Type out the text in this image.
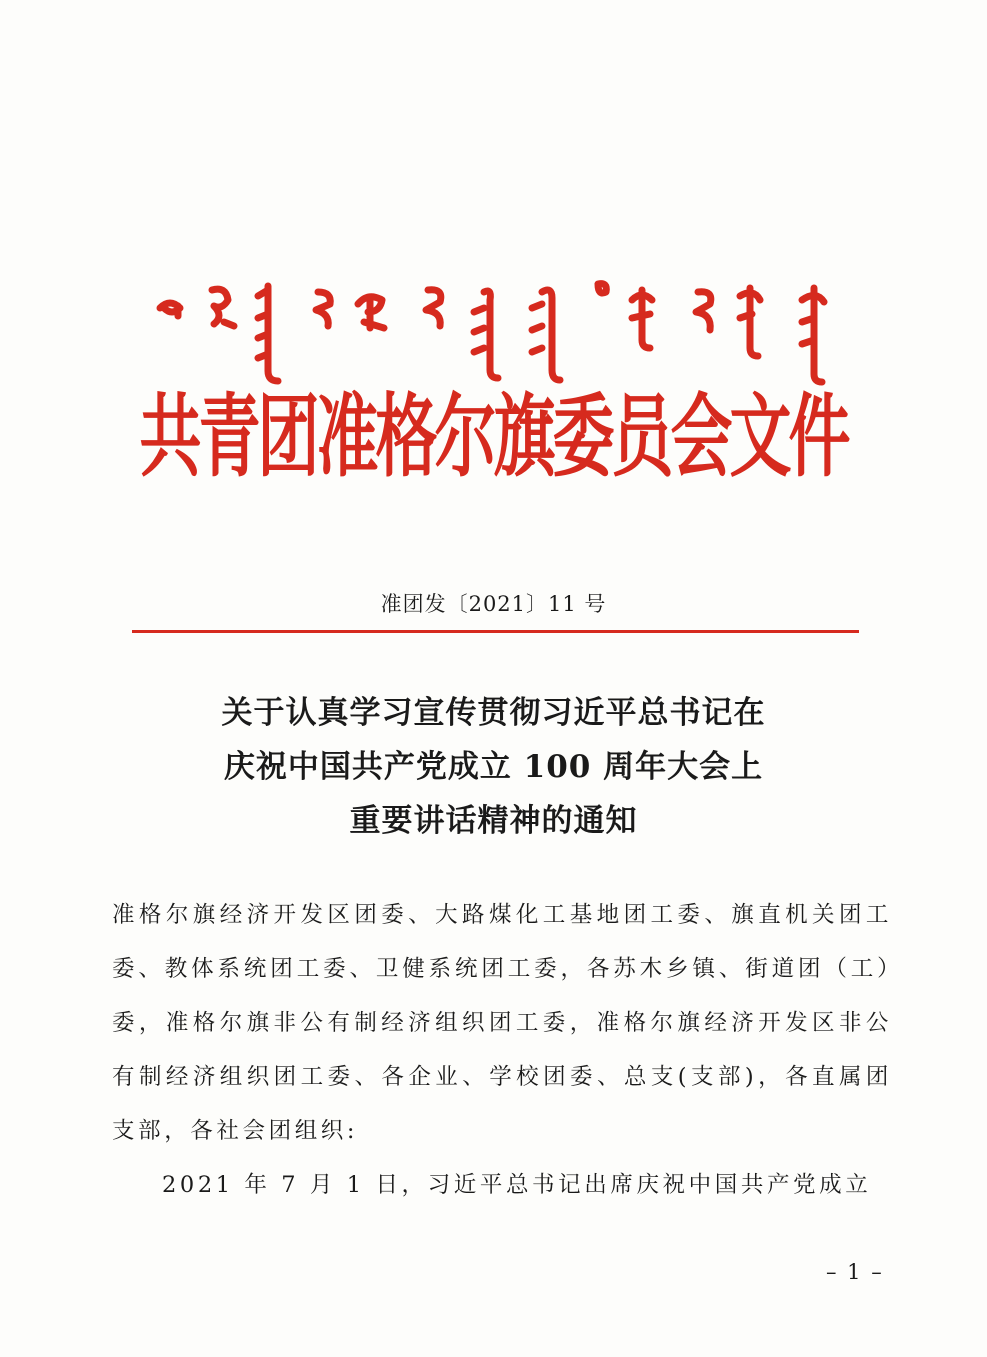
共青团准格尔旗委员会文件
准团发〔2021〕11 号
关于认真学习宣传贯彻习近平总书记在
庆祝中国共产党成立 100 周年大会上
重要讲话精神的通知

准格尔旗经济开发区团委、大路煤化工基地团工委、旗直机关团工委、教体系统团工委、卫健系统团工委，各苏木乡镇、街道团（工）委，准格尔旗非公有制经济组织团工委，准格尔旗经济开发区非公有制经济组织团工委、各企业、学校团委、总支(支部)，各直属团支部，各社会团组织:

2021 年 7 月 1 日，习近平总书记出席庆祝中国共产党成立

– 1 –
